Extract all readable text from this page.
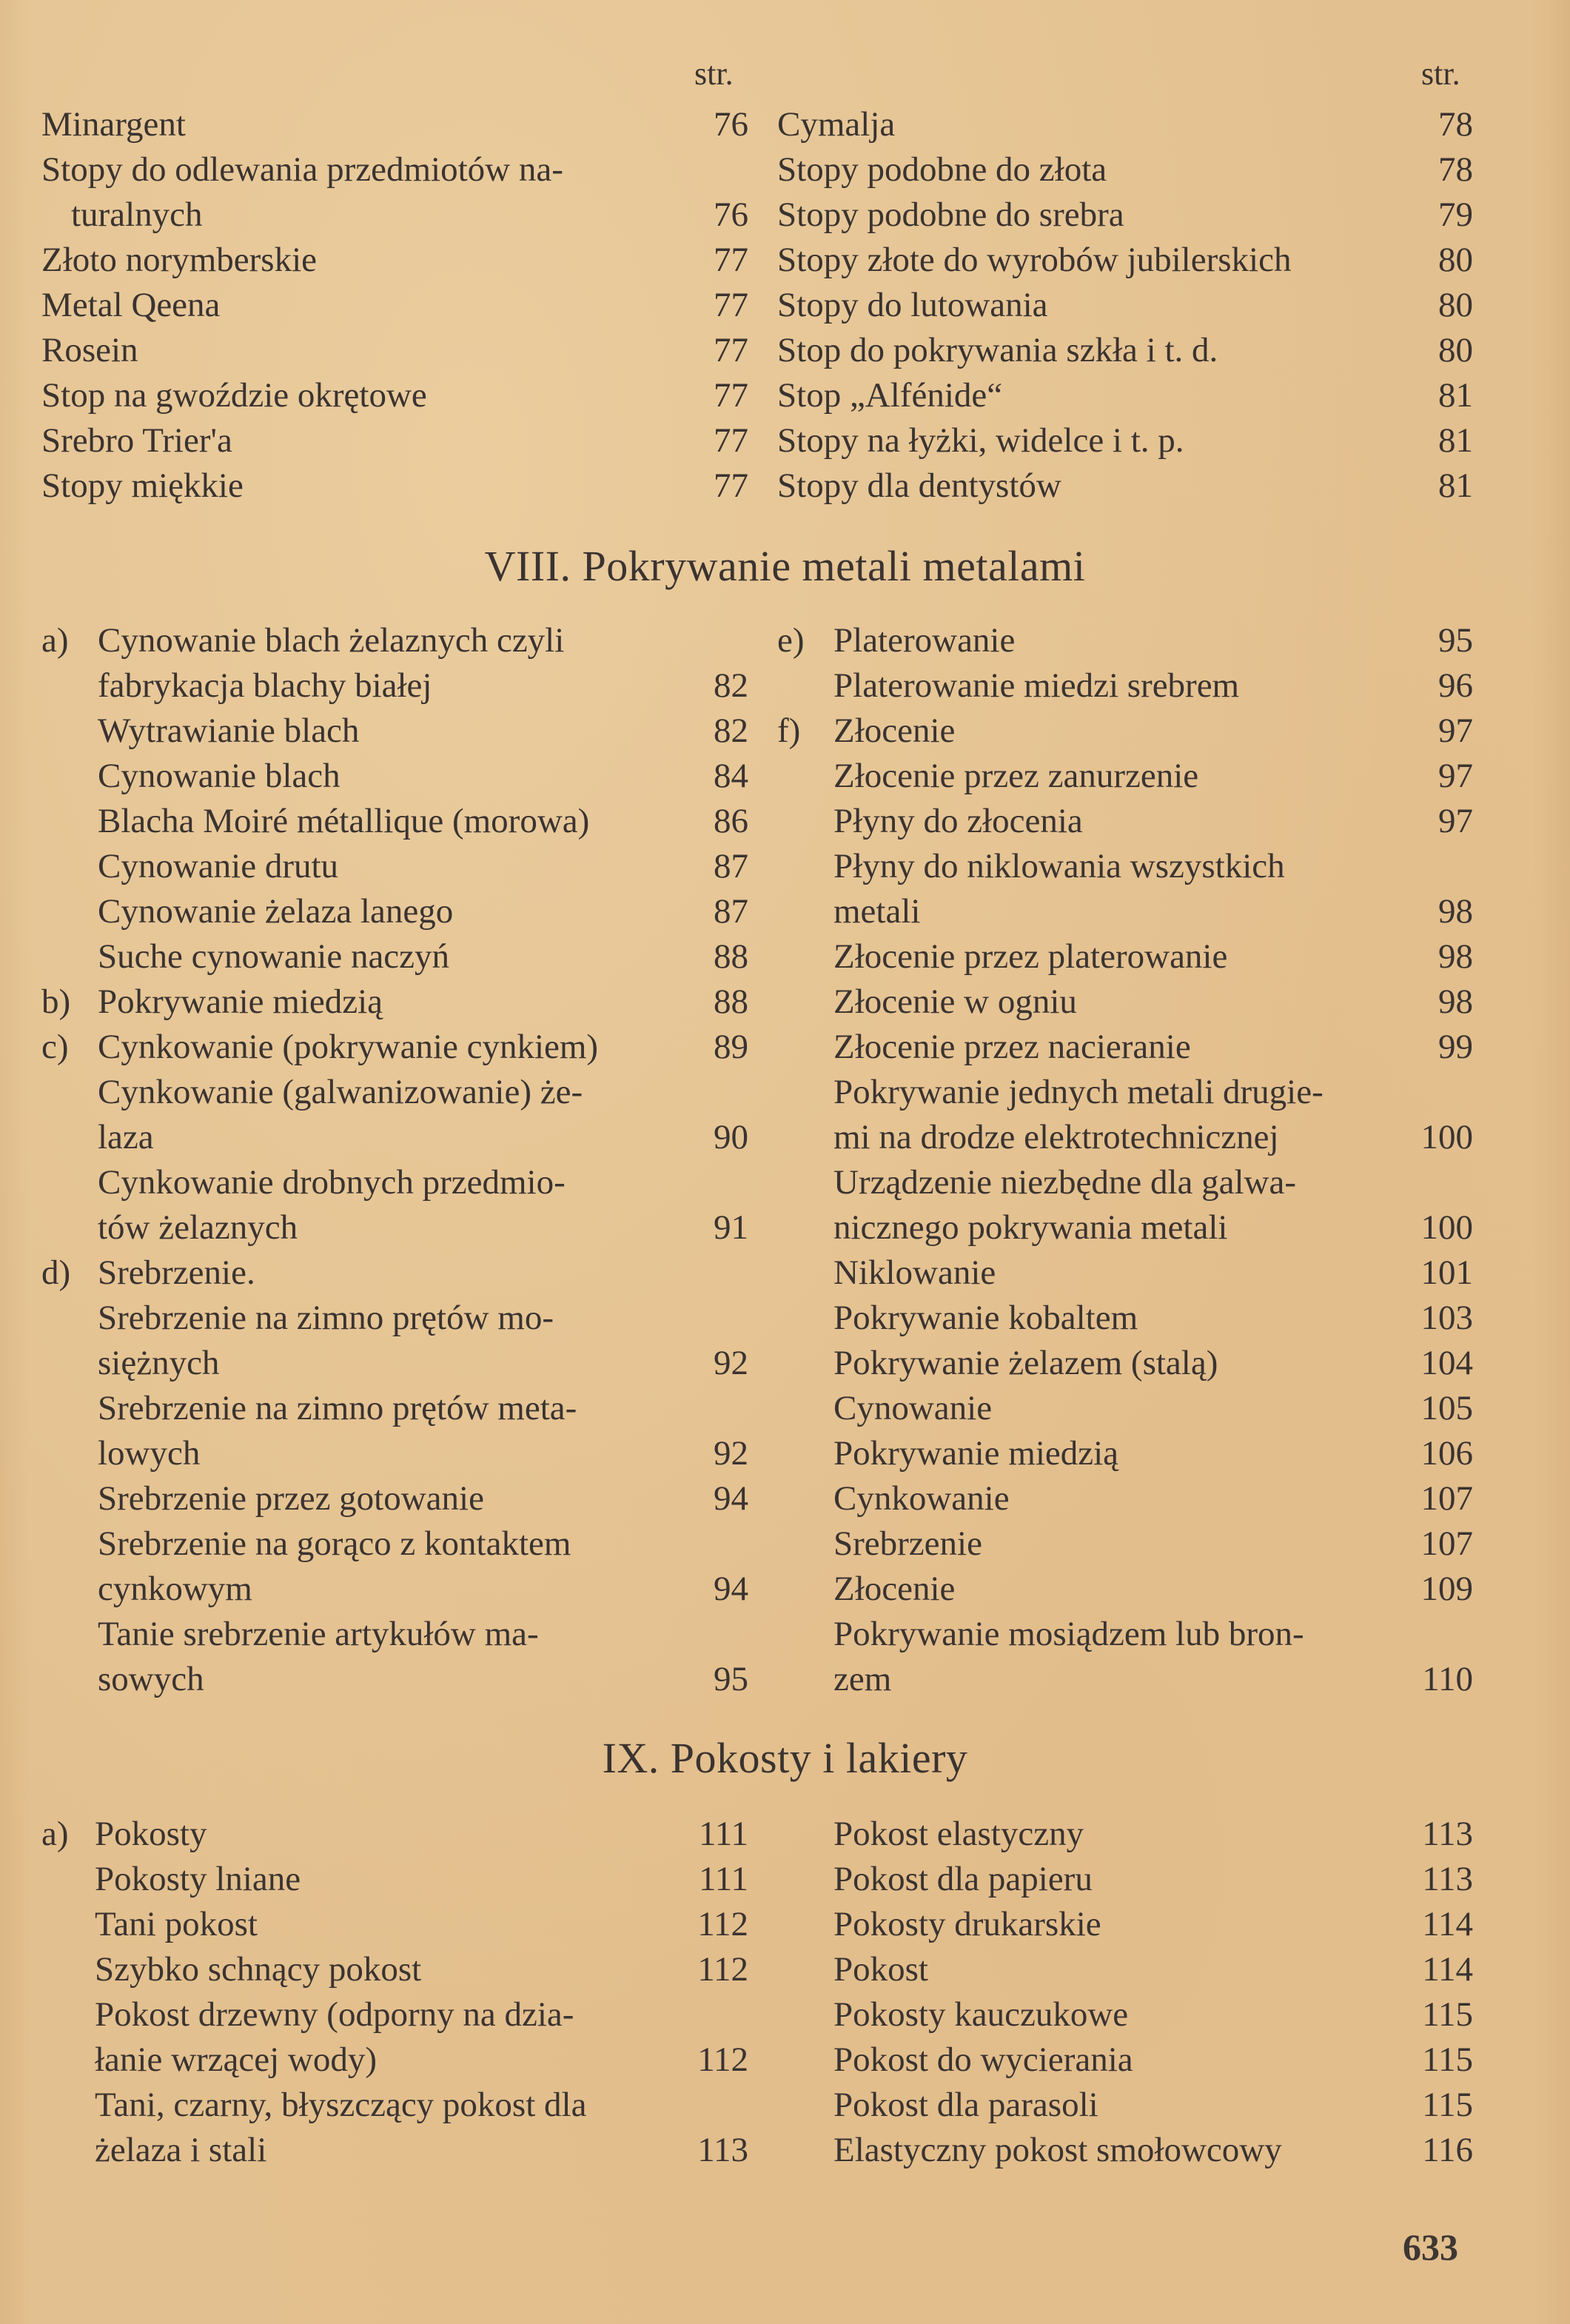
str.	str.
Minargent	76
Stopy do odlewania przedmiotów na-
turalnych	76
Złoto norymberskie	77
Metal Qeena	77
Rosein	77
Stop na gwoździe okrętowe	77
Srebro Trier'a	77
Stopy miękkie	77
Cymalja	78
Stopy podobne do złota	78
Stopy podobne do srebra	79
Stopy złote do wyrobów jubilerskich	80
Stopy do lutowania	80
Stop do pokrywania szkła i t. d.	80
Stop „Alfénide“	81
Stopy na łyżki, widelce i t. p.	81
Stopy dla dentystów	81
VIII. Pokrywanie metali metalami
a) Cynowanie blach żelaznych czyli
fabrykacja blachy białej	82
Wytrawianie blach	82
Cynowanie blach	84
Blacha Moiré métallique (morowa)	86
Cynowanie drutu	87
Cynowanie żelaza lanego	87
Suche cynowanie naczyń	88
b) Pokrywanie miedzią	88
c) Cynkowanie (pokrywanie cynkiem)	89
Cynkowanie (galwanizowanie) że-
laza	90
Cynkowanie drobnych przedmio-
tów żelaznych	91
d) Srebrzenie.
Srebrzenie na zimno prętów mo-
siężnych	92
Srebrzenie na zimno prętów meta-
lowych	92
Srebrzenie przez gotowanie	94
Srebrzenie na gorąco z kontaktem
cynkowym	94
Tanie srebrzenie artykułów ma-
sowych	95
e) Platerowanie	95
Platerowanie miedzi srebrem	96
f) Złocenie	97
Złocenie przez zanurzenie	97
Płyny do złocenia	97
Płyny do niklowania wszystkich
metali	98
Złocenie przez platerowanie	98
Złocenie w ogniu	98
Złocenie przez nacieranie	99
Pokrywanie jednych metali drugie-
mi na drodze elektrotechnicznej	100
Urządzenie niezbędne dla galwa-
nicznego pokrywania metali	100
Niklowanie	101
Pokrywanie kobaltem	103
Pokrywanie żelazem (stalą)	104
Cynowanie	105
Pokrywanie miedzią	106
Cynkowanie	107
Srebrzenie	107
Złocenie	109
Pokrywanie mosiądzem lub bron-
zem	110
IX. Pokosty i lakiery
a) Pokosty	111
Pokosty lniane	111
Tani pokost	112
Szybko schnący pokost	112
Pokost drzewny (odporny na dzia-
łanie wrzącej wody)	112
Tani, czarny, błyszczący pokost dla
żelaza i stali	113
Pokost elastyczny	113
Pokost dla papieru	113
Pokosty drukarskie	114
Pokost	114
Pokosty kauczukowe	115
Pokost do wycierania	115
Pokost dla parasoli	115
Elastyczny pokost smołowcowy	116
633
